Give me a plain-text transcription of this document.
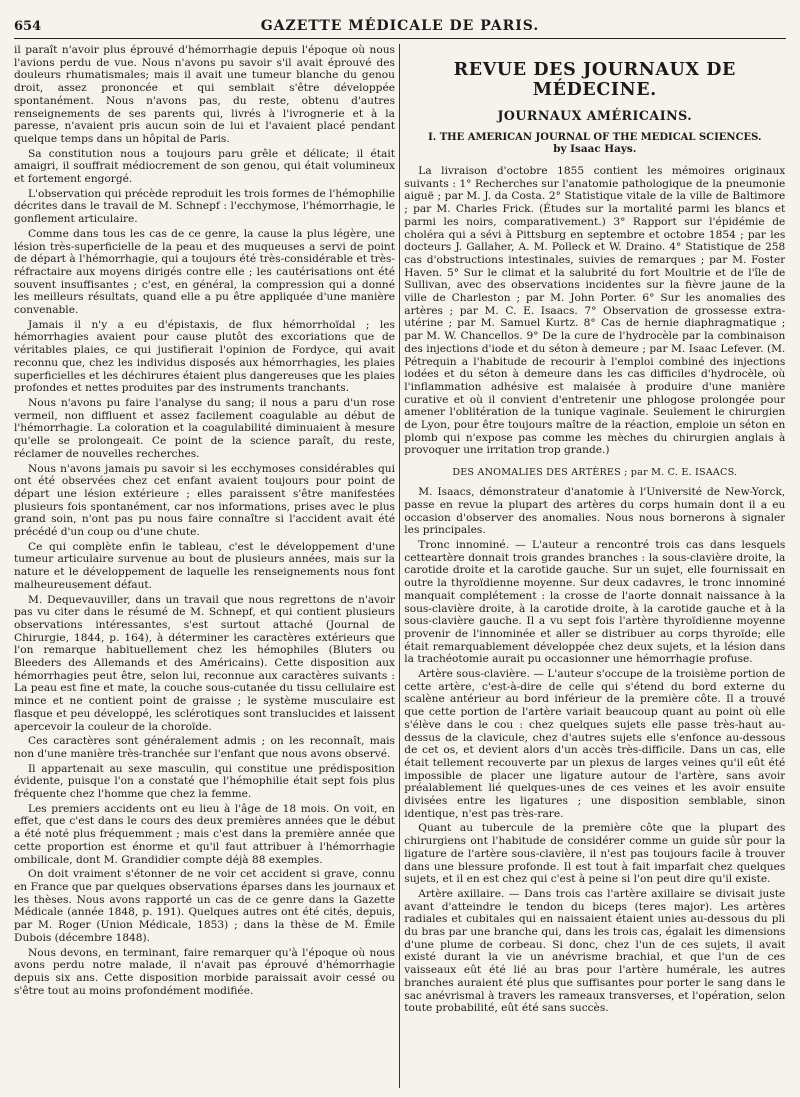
654	GAZETTE MÉDICALE DE PARIS.

il paraît n'avoir plus éprouvé d'hémorrhagie depuis l'époque où nous l'avions perdu de vue. Nous n'avons pu savoir s'il avait éprouvé des douleurs rhumatismales; mais il avait une tumeur blanche du genou droit, assez prononcée et qui semblait s'être développée spontanément. Nous n'avons pas, du reste, obtenu d'autres renseignements de ses parents qui, livrés à l'ivrognerie et à la paresse, n'avaient pris aucun soin de lui et l'avaient placé pendant quelque temps dans un hôpital de Paris.

Sa constitution nous a toujours paru grêle et délicate; il était amaigri, il souffrait médiocrement de son genou, qui était volumineux et fortement engorgé.

L'observation qui précède reproduit les trois formes de l'hémophilie décrites dans le travail de M. Schnepf : l'ecchymose, l'hémorrhagie, le gonflement articulaire.

Comme dans tous les cas de ce genre, la cause la plus légère, une lésion très-superficielle de la peau et des muqueuses a servi de point de départ à l'hémorrhagie, qui a toujours été très-considérable et très-réfractaire aux moyens dirigés contre elle ; les cautérisations ont été souvent insuffisantes ; c'est, en général, la compression qui a donné les meilleurs résultats, quand elle a pu être appliquée d'une manière convenable.

Jamais il n'y a eu d'épistaxis, de flux hémorrhoïdal ; les hémorrhagies avaient pour cause plutôt des excoriations que de véritables plaies, ce qui justifierait l'opinion de Fordyce, qui avait reconnu que, chez les individus disposés aux hémorrhagies, les plaies superficielles et les déchirures étaient plus dangereuses que les plaies profondes et nettes produites par des instruments tranchants.

Nous n'avons pu faire l'analyse du sang; il nous a paru d'un rose vermeil, non diffluent et assez facilement coagulable au début de l'hémorrhagie. La coloration et la coagulabilité diminuaient à mesure qu'elle se prolongeait. Ce point de la science paraît, du reste, réclamer de nouvelles recherches.

Nous n'avons jamais pu savoir si les ecchymoses considérables qui ont été observées chez cet enfant avaient toujours pour point de départ une lésion extérieure ; elles paraissent s'être manifestées plusieurs fois spontanément, car nos informations, prises avec le plus grand soin, n'ont pas pu nous faire connaître si l'accident avait été précédé d'un coup ou d'une chute.

Ce qui complète enfin le tableau, c'est le développement d'une tumeur articulaire survenue au bout de plusieurs années, mais sur la nature et le développement de laquelle les renseignements nous font malheureusement défaut.

M. Dequevauviller, dans un travail que nous regrettons de n'avoir pas vu citer dans le résumé de M. Schnepf, et qui contient plusieurs observations intéressantes, s'est surtout attaché (Journal de Chirurgie, 1844, p. 164), à déterminer les caractères extérieurs que l'on remarque habituellement chez les hémophiles (Bluters ou Bleeders des Allemands et des Américains). Cette disposition aux hémorrhagies peut être, selon lui, reconnue aux caractères suivants : La peau est fine et mate, la couche sous-cutanée du tissu cellulaire est mince et ne contient point de graisse ; le système musculaire est flasque et peu développé, les sclérotiques sont translucides et laissent apercevoir la couleur de la choroïde.

Ces caractères sont généralement admis ; on les reconnaît, mais non d'une manière très-tranchée sur l'enfant que nous avons observé.

Il appartenait au sexe masculin, qui constitue une prédisposition évidente, puisque l'on a constaté que l'hémophilie était sept fois plus fréquente chez l'homme que chez la femme.

Les premiers accidents ont eu lieu à l'âge de 18 mois. On voit, en effet, que c'est dans le cours des deux premières années que le début a été noté plus fréquemment ; mais c'est dans la première année que cette proportion est énorme et qu'il faut attribuer à l'hémorrhagie ombilicale, dont M. Grandidier compte déjà 88 exemples.

On doit vraiment s'étonner de ne voir cet accident si grave, connu en France que par quelques observations éparses dans les journaux et les thèses. Nous avons rapporté un cas de ce genre dans la Gazette Médicale (année 1848, p. 191). Quelques autres ont été cités, depuis, par M. Roger (Union Médicale, 1853) ; dans la thèse de M. Émile Dubois (décembre 1848).

Nous devons, en terminant, faire remarquer qu'à l'époque où nous avons perdu notre malade, il n'avait pas éprouvé d'hémorrhagie depuis six ans. Cette disposition morbide paraissait avoir cessé ou s'être tout au moins profondément modifiée.

REVUE DES JOURNAUX DE MÉDECINE.
JOURNAUX AMÉRICAINS.
I. THE AMERICAN JOURNAL OF THE MEDICAL SCIENCES.
by Isaac Hays.

La livraison d'octobre 1855 contient les mémoires originaux suivants : 1° Recherches sur l'anatomie pathologique de la pneumonie aiguë ; par M. J. da Costa. 2° Statistique vitale de la ville de Baltimore ; par M. Charles Frick. (Études sur la mortalité parmi les blancs et parmi les noirs, comparativement.) 3° Rapport sur l'épidémie de choléra qui a sévi à Pittsburg en septembre et octobre 1854 ; par les docteurs J. Gallaher, A. M. Polleck et W. Draino. 4° Statistique de 258 cas d'obstructions intestinales, suivies de remarques ; par M. Foster Haven. 5° Sur le climat et la salubrité du fort Moultrie et de l'île de Sullivan, avec des observations incidentes sur la fièvre jaune de la ville de Charleston ; par M. John Porter. 6° Sur les anomalies des artères ; par M. C. E. Isaacs. 7° Observation de grossesse extra-utérine ; par M. Samuel Kurtz. 8° Cas de hernie diaphragmatique ; par M. W. Chancellos. 9° De la cure de l'hydrocèle par la combinaison des injections d'iode et du séton à demeure ; par M. Isaac Lefever. (M. Pétrequin a l'habitude de recourir à l'emploi combiné des injections iodées et du séton à demeure dans les cas difficiles d'hydrocèle, où l'inflammation adhésive est malaisée à produire d'une manière curative et où il convient d'entretenir une phlogose prolongée pour amener l'oblitération de la tunique vaginale. Seulement le chirurgien de Lyon, pour être toujours maître de la réaction, emploie un séton en plomb qui n'expose pas comme les mèches du chirurgien anglais à provoquer une irritation trop grande.)

DES ANOMALIES DES ARTÈRES ; par M. C. E. ISAACS.

M. Isaacs, démonstrateur d'anatomie à l'Université de New-Yorck, passe en revue la plupart des artères du corps humain dont il a eu occasion d'observer des anomalies. Nous nous bornerons à signaler les principales.

Tronc innominé. — L'auteur a rencontré trois cas dans lesquels cetteartère donnait trois grandes branches : la sous-clavière droite, la carotide droite et la carotide gauche. Sur un sujet, elle fournissait en outre la thyroïdienne moyenne. Sur deux cadavres, le tronc innominé manquait complétement : la crosse de l'aorte donnait naissance à la sous-clavière droite, à la carotide droite, à la carotide gauche et à la sous-clavière gauche. Il a vu sept fois l'artère thyroïdienne moyenne provenir de l'innominée et aller se distribuer au corps thyroïde; elle était remarquablement développée chez deux sujets, et la lésion dans la trachéotomie aurait pu occasionner une hémorrhagie profuse.

Artère sous-clavière. — L'auteur s'occupe de la troisième portion de cette artère, c'est-à-dire de celle qui s'étend du bord externe du scalène antérieur au bord inférieur de la première côte. Il a trouvé que cette portion de l'artère variait beaucoup quant au point où elle s'élève dans le cou : chez quelques sujets elle passe très-haut au-dessus de la clavicule, chez d'autres sujets elle s'enfonce au-dessous de cet os, et devient alors d'un accès très-difficile. Dans un cas, elle était tellement recouverte par un plexus de larges veines qu'il eût été impossible de placer une ligature autour de l'artère, sans avoir préalablement lié quelques-unes de ces veines et les avoir ensuite divisées entre les ligatures ; une disposition semblable, sinon identique, n'est pas très-rare.

Quant au tubercule de la première côte que la plupart des chirurgiens ont l'habitude de considérer comme un guide sûr pour la ligature de l'artère sous-clavière, il n'est pas toujours facile à trouver dans une blessure profonde. Il est tout à fait imparfait chez quelques sujets, et il en est chez qui c'est à peine si l'on peut dire qu'il existe.

Artère axillaire. — Dans trois cas l'artère axillaire se divisait juste avant d'atteindre le tendon du biceps (teres major). Les artères radiales et cubitales qui en naissaient étaient unies au-dessous du pli du bras par une branche qui, dans les trois cas, égalait les dimensions d'une plume de corbeau. Si donc, chez l'un de ces sujets, il avait existé durant la vie un anévrisme brachial, et que l'un de ces vaisseaux eût été lié au bras pour l'artère humérale, les autres branches auraient été plus que suffisantes pour porter le sang dans le sac anévrismal à travers les rameaux transverses, et l'opération, selon toute probabilité, eût été sans succès.
